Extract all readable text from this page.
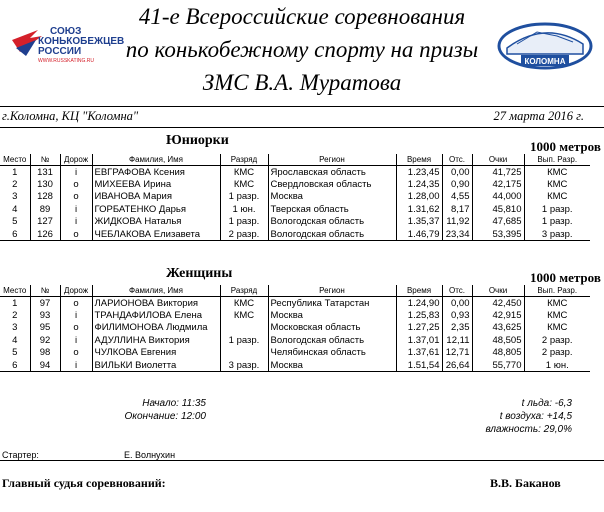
СОЮЗ
КОНЬКОБЕЖЦЕВ
РОССИИ
WWW.RUSSKATING.RU
41-е Всероссийские соревнования
по конькобежному спорту на призы
ЗМС В.А. Муратова
КОЛОМНА
г.Коломна, КЦ "Коломна"	27 марта 2016 г.
Юниорки	1000 метров
Место	№	Дорож	Фамилия, Имя	Разряд	Регион	Время	Отс.	Очки	Вып. Разр.
1	131	i	ЕВГРАФОВА Ксения	КМС	Ярославская область	1.23,45	0,00	41,725	КМС
2	130	o	МИХЕЕВА Ирина	КМС	Свердловская область	1.24,35	0,90	42,175	КМС
3	128	o	ИВАНОВА Мария	1 разр.	Москва	1.28,00	4,55	44,000	КМС
4	89	i	ГОРБАТЕНКО Дарья	1 юн.	Тверская область	1.31,62	8,17	45,810	1 разр.
5	127	i	ЖИДКОВА Наталья	1 разр.	Вологодская область	1.35,37	11,92	47,685	1 разр.
6	126	o	ЧЕБЛАКОВА Елизавета	2 разр.	Вологодская область	1.46,79	23,34	53,395	3 разр.
Женщины	1000 метров
Место	№	Дорож	Фамилия, Имя	Разряд	Регион	Время	Отс.	Очки	Вып. Разр.
1	97	o	ЛАРИОНОВА Виктория	КМС	Республика Татарстан	1.24,90	0,00	42,450	КМС
2	93	i	ТРАНДАФИЛОВА Елена	КМС	Москва	1.25,83	0,93	42,915	КМС
3	95	o	ФИЛИМОНОВА Людмила		Московская область	1.27,25	2,35	43,625	КМС
4	92	i	АДУЛЛИНА Виктория	1 разр.	Вологодская область	1.37,01	12,11	48,505	2 разр.
5	98	o	ЧУЛКОВА Евгения		Челябинская область	1.37,61	12,71	48,805	2 разр.
6	94	i	ВИЛЬКИ Виолетта	3 разр.	Москва	1.51,54	26,64	55,770	1 юн.
Начало: 11:35
Окончание: 12:00
t льда: -6,3
t воздуха: +14,5
влажность: 29,0%
Стартер:	Е. Волнухин
Главный судья соревнований:	В.В. Баканов
